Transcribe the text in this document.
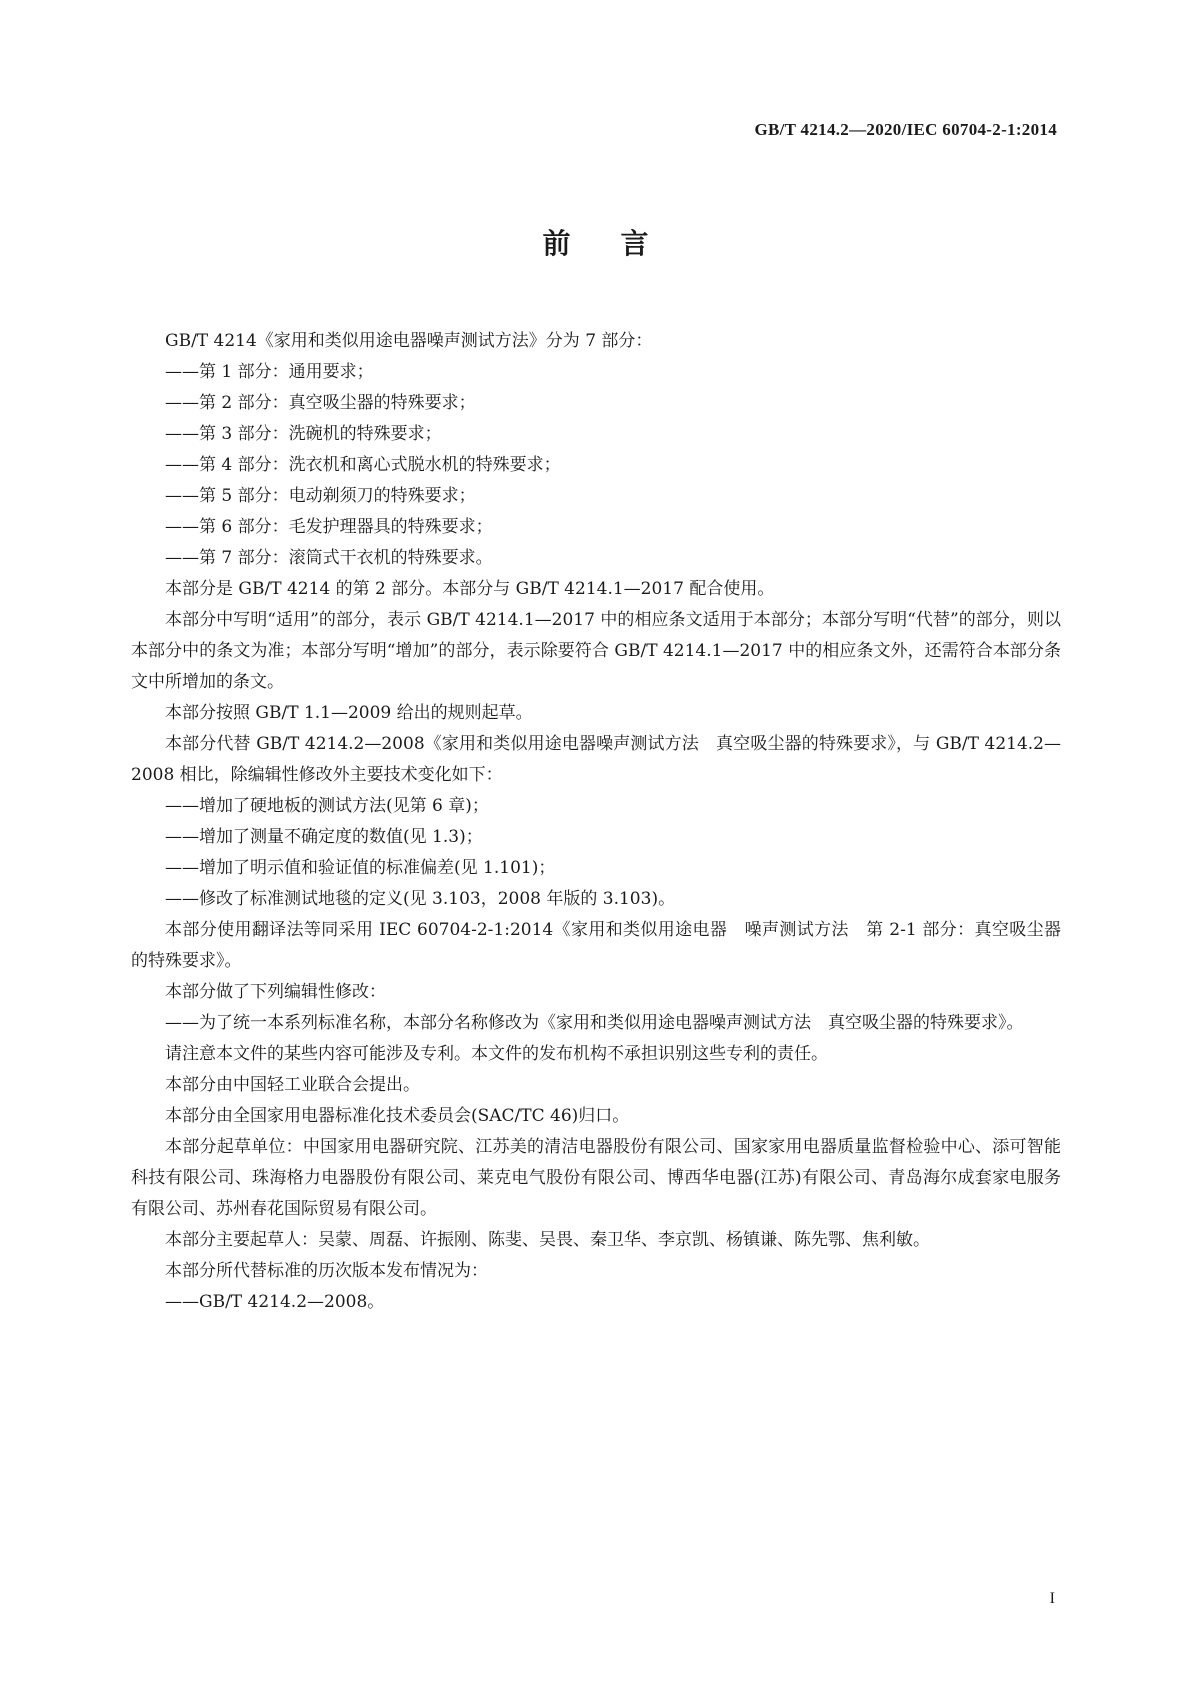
GB/T 4214.2—2020/IEC 60704-2-1:2014
前言

GB/T 4214《家用和类似用途电器噪声测试方法》分为 7 部分：

——第 1 部分：通用要求；

——第 2 部分：真空吸尘器的特殊要求；

——第 3 部分：洗碗机的特殊要求；

——第 4 部分：洗衣机和离心式脱水机的特殊要求；

——第 5 部分：电动剃须刀的特殊要求；

——第 6 部分：毛发护理器具的特殊要求；

——第 7 部分：滚筒式干衣机的特殊要求。

本部分是 GB/T 4214 的第 2 部分。本部分与 GB/T 4214.1—2017 配合使用。

本部分中写明“适用”的部分，表示 GB/T 4214.1—2017 中的相应条文适用于本部分；本部分写明“代替”的部分，则以本部分中的条文为准；本部分写明“增加”的部分，表示除要符合 GB/T 4214.1—2017 中的相应条文外，还需符合本部分条文中所增加的条文。

本部分按照 GB/T 1.1—2009 给出的规则起草。

本部分代替 GB/T 4214.2—2008《家用和类似用途电器噪声测试方法　真空吸尘器的特殊要求》，与 GB/T 4214.2—2008 相比，除编辑性修改外主要技术变化如下：

——增加了硬地板的测试方法(见第 6 章)；

——增加了测量不确定度的数值(见 1.3)；

——增加了明示值和验证值的标准偏差(见 1.101)；

——修改了标准测试地毯的定义(见 3.103，2008 年版的 3.103)。

本部分使用翻译法等同采用 IEC 60704-2-1:2014《家用和类似用途电器　噪声测试方法　第 2-1 部分：真空吸尘器的特殊要求》。

本部分做了下列编辑性修改：

——为了统一本系列标准名称，本部分名称修改为《家用和类似用途电器噪声测试方法　真空吸尘器的特殊要求》。

请注意本文件的某些内容可能涉及专利。本文件的发布机构不承担识别这些专利的责任。

本部分由中国轻工业联合会提出。

本部分由全国家用电器标准化技术委员会(SAC/TC 46)归口。

本部分起草单位：中国家用电器研究院、江苏美的清洁电器股份有限公司、国家家用电器质量监督检验中心、添可智能科技有限公司、珠海格力电器股份有限公司、莱克电气股份有限公司、博西华电器(江苏)有限公司、青岛海尔成套家电服务有限公司、苏州春花国际贸易有限公司。

本部分主要起草人：吴蒙、周磊、许振刚、陈斐、吴畏、秦卫华、李京凯、杨镇谦、陈先鄂、焦利敏。

本部分所代替标准的历次版本发布情况为：

——GB/T 4214.2—2008。

I
